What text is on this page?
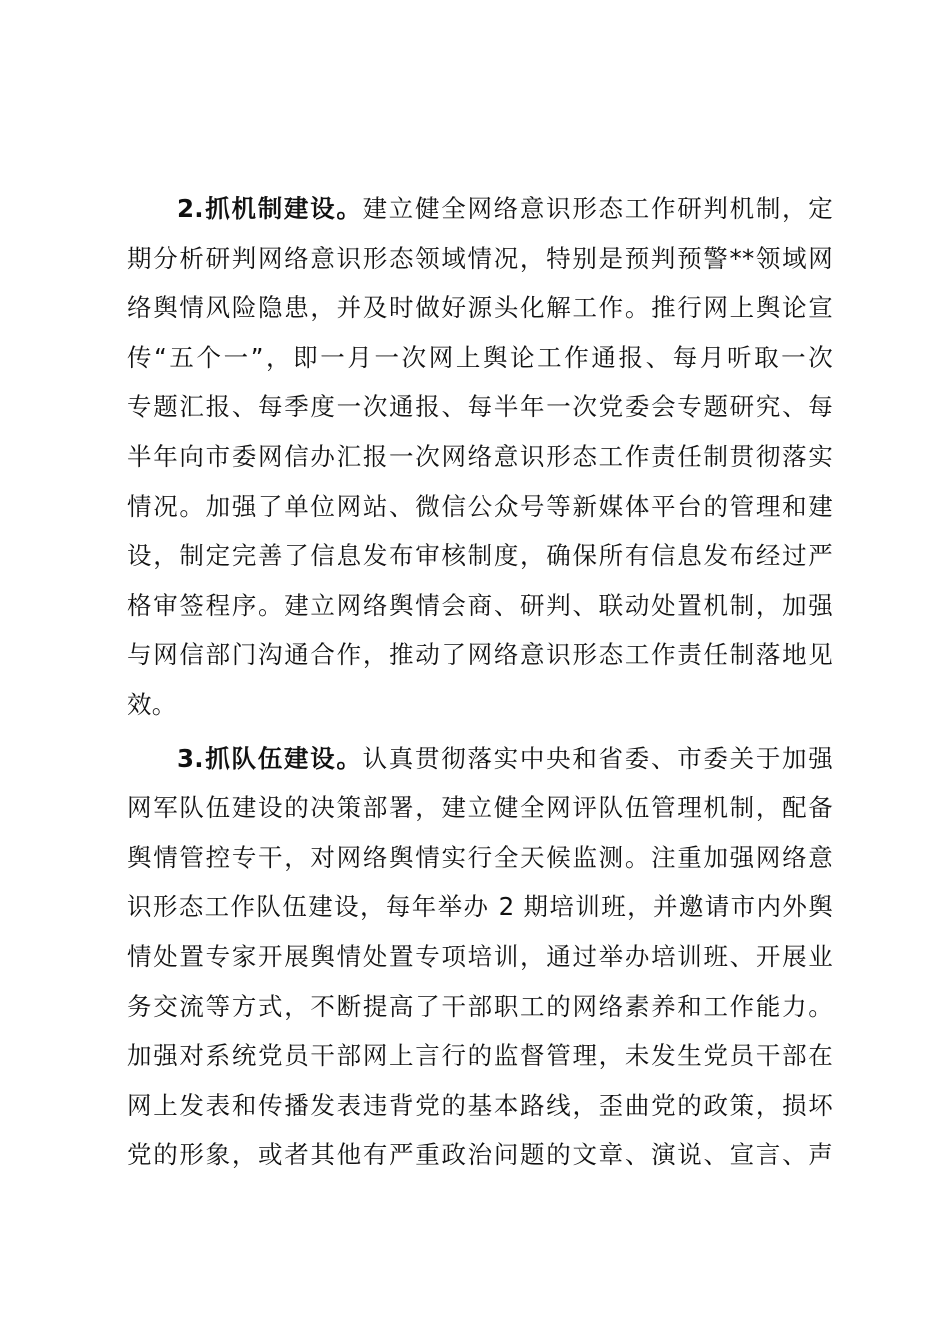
2.抓机制建设。建立健全网络意识形态工作研判机制，定
期分析研判网络意识形态领域情况，特别是预判预警**领域网
络舆情风险隐患，并及时做好源头化解工作。推行网上舆论宣
传“五个一”，即一月一次网上舆论工作通报、每月听取一次
专题汇报、每季度一次通报、每半年一次党委会专题研究、每
半年向市委网信办汇报一次网络意识形态工作责任制贯彻落实
情况。加强了单位网站、微信公众号等新媒体平台的管理和建
设，制定完善了信息发布审核制度，确保所有信息发布经过严
格审签程序。建立网络舆情会商、研判、联动处置机制，加强
与网信部门沟通合作，推动了网络意识形态工作责任制落地见
效。
3.抓队伍建设。认真贯彻落实中央和省委、市委关于加强
网军队伍建设的决策部署，建立健全网评队伍管理机制，配备
舆情管控专干，对网络舆情实行全天候监测。注重加强网络意
识形态工作队伍建设，每年举办 2 期培训班，并邀请市内外舆
情处置专家开展舆情处置专项培训，通过举办培训班、开展业
务交流等方式，不断提高了干部职工的网络素养和工作能力。
加强对系统党员干部网上言行的监督管理，未发生党员干部在
网上发表和传播发表违背党的基本路线，歪曲党的政策，损坏
党的形象，或者其他有严重政治问题的文章、演说、宣言、声
